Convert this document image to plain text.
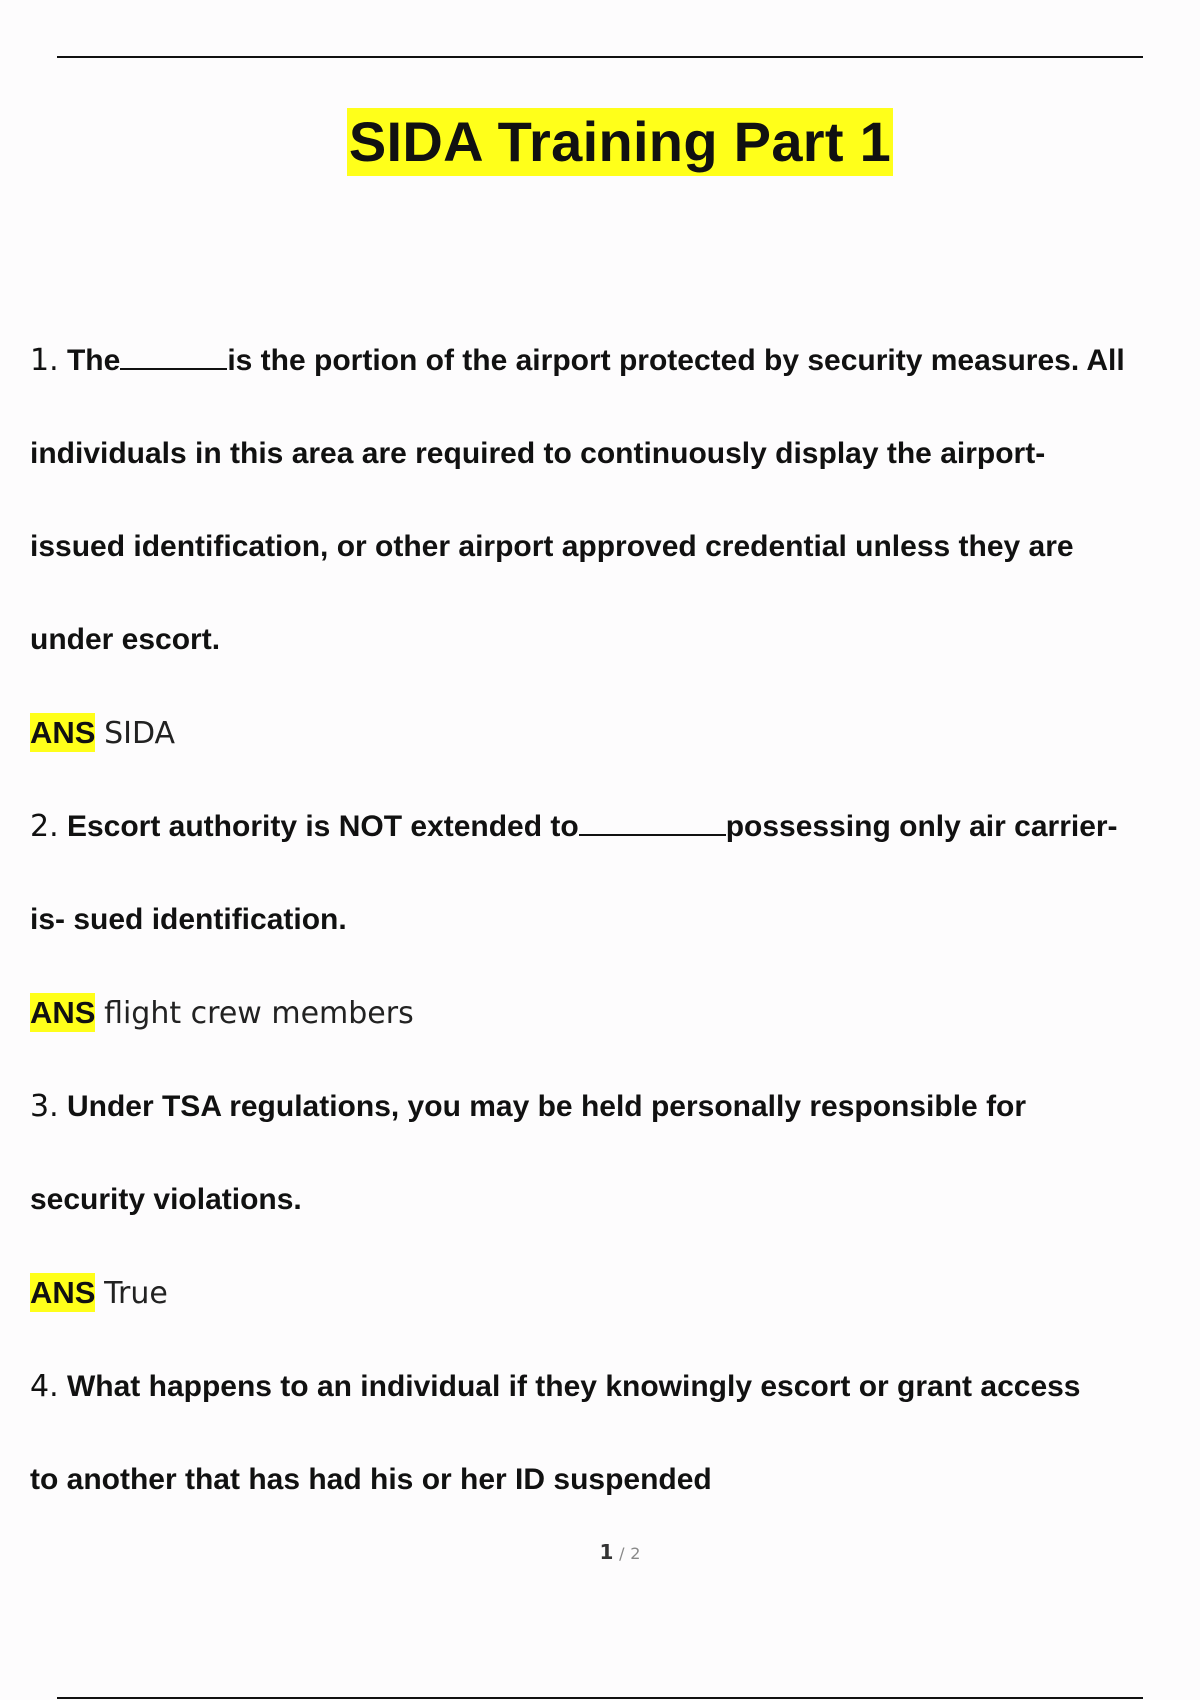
SIDA Training Part 1

1. The	is the portion of the airport protected by security measures. All

individuals in this area are required to continuously display the airport-

issued identification, or other airport approved credential unless they are

under escort.

ANS SIDA

2. Escort authority is NOT extended to	possessing only air carrier-

is- sued identification.

ANS flight crew members

3. Under TSA regulations, you may be held personally responsible for

security violations.

ANS True

4. What happens to an individual if they knowingly escort or grant access

to another that has had his or her ID suspended

1 / 2
